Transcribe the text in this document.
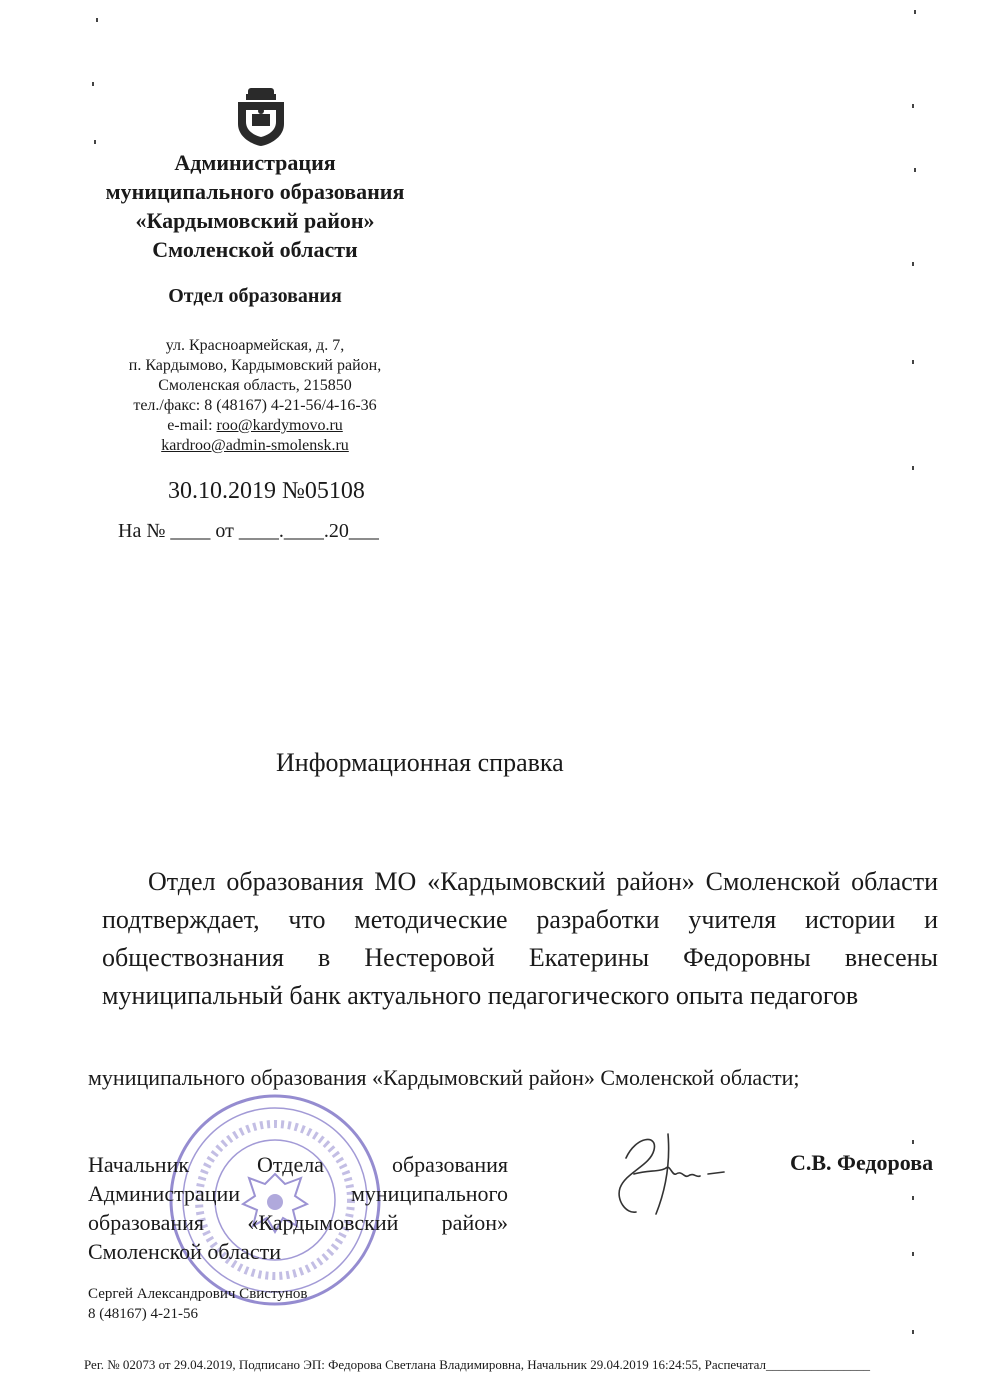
Администрация
муниципального образования
«Кардымовский район»
Смоленской области
Отдел образования
ул. Красноармейская, д. 7,
п. Кардымово, Кардымовский район,
Смоленская область, 215850
тел./факс: 8 (48167) 4-21-56/4-16-36
e-mail: roo@kardymovo.ru
kardroo@admin-smolensk.ru
30.10.2019 №05108
На № ____ от ____.____.20___
Информационная справка
Отдел образования МО «Кардымовский район» Смоленской области подтверждает, что методические разработки учителя истории и обществознания в Нестеровой Екатерины Федоровны внесены муниципальный банк актуального педагогического опыта педагогов
муниципального образования «Кардымовский район» Смоленской области;
Начальник Отдела образования
Администрации муниципального
образования «Кардымовский район»
Смоленской области
С.В. Федорова
Сергей Александрович Свистунов
8 (48167) 4-21-56
Рег. № 02073 от 29.04.2019, Подписано ЭП: Федорова Светлана Владимировна, Начальник 29.04.2019 16:24:55, Распечатал________________
